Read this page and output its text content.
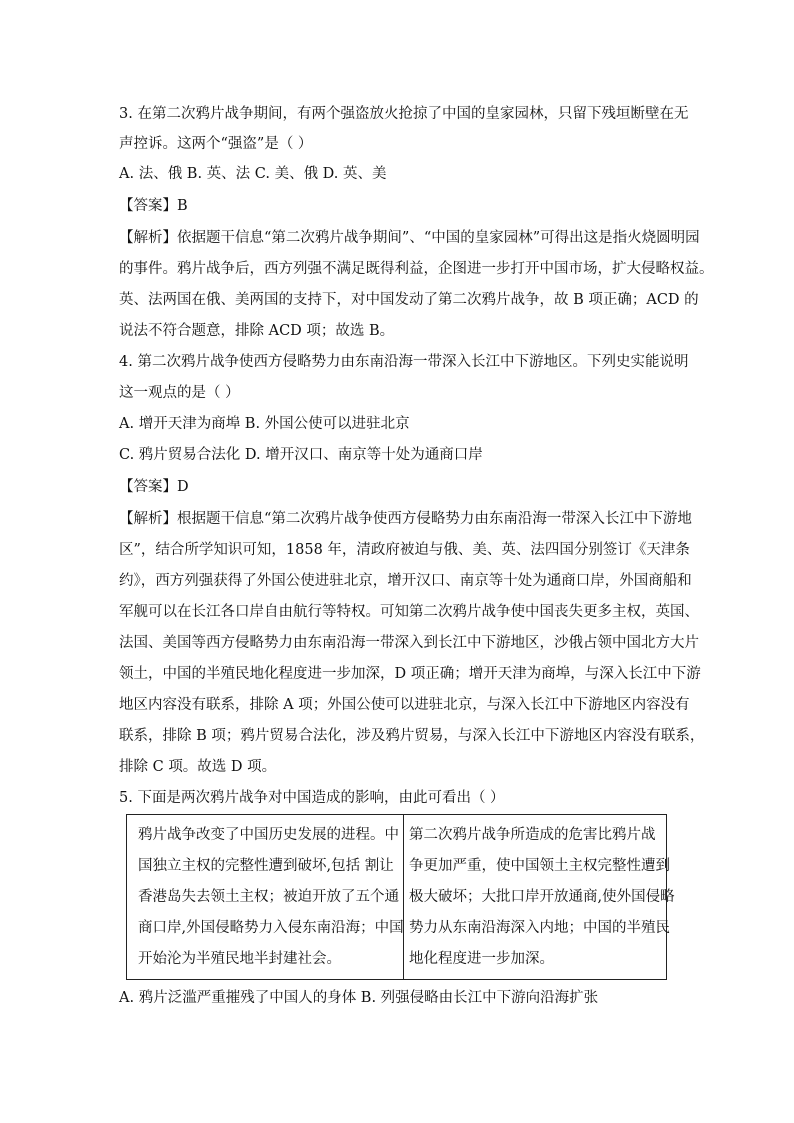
3. 在第二次鸦片战争期间，有两个强盗放火抢掠了中国的皇家园林，只留下残垣断壁在无
声控诉。这两个“强盗”是（ ）
A. 法、俄 B. 英、法 C. 美、俄 D. 英、美
【答案】B
【解析】依据题干信息“第二次鸦片战争期间”、“中国的皇家园林”可得出这是指火烧圆明园
的事件。鸦片战争后，西方列强不满足既得利益，企图进一步打开中国市场，扩大侵略权益。
英、法两国在俄、美两国的支持下，对中国发动了第二次鸦片战争，故 B 项正确；ACD 的
说法不符合题意，排除 ACD 项；故选 B。
4. 第二次鸦片战争使西方侵略势力由东南沿海一带深入长江中下游地区。下列史实能说明
这一观点的是（ ）
A. 增开天津为商埠 B. 外国公使可以进驻北京
C. 鸦片贸易合法化 D. 增开汉口、南京等十处为通商口岸
【答案】D
【解析】根据题干信息“第二次鸦片战争使西方侵略势力由东南沿海一带深入长江中下游地
区”，结合所学知识可知，1858 年，清政府被迫与俄、美、英、法四国分别签订《天津条
约》，西方列强获得了外国公使进驻北京，增开汉口、南京等十处为通商口岸，外国商船和
军舰可以在长江各口岸自由航行等特权。可知第二次鸦片战争使中国丧失更多主权，英国、
法国、美国等西方侵略势力由东南沿海一带深入到长江中下游地区，沙俄占领中国北方大片
领土，中国的半殖民地化程度进一步加深，D 项正确；增开天津为商埠，与深入长江中下游
地区内容没有联系，排除 A 项；外国公使可以进驻北京，与深入长江中下游地区内容没有
联系，排除 B 项；鸦片贸易合法化，涉及鸦片贸易，与深入长江中下游地区内容没有联系，
排除 C 项。故选 D 项。
5. 下面是两次鸦片战争对中国造成的影响，由此可看出（ ）
鸦片战争改变了中国历史发展的进程。中
国独立主权的完整性遭到破坏,包括 割让
香港岛失去领土主权；被迫开放了五个通
商口岸,外国侵略势力入侵东南沿海；中国
开始沦为半殖民地半封建社会。
第二次鸦片战争所造成的危害比鸦片战
争更加严重，使中国领土主权完整性遭到
极大破坏；大批口岸开放通商,使外国侵略
势力从东南沿海深入内地；中国的半殖民
地化程度进一步加深。
A. 鸦片泛滥严重摧残了中国人的身体 B. 列强侵略由长江中下游向沿海扩张
